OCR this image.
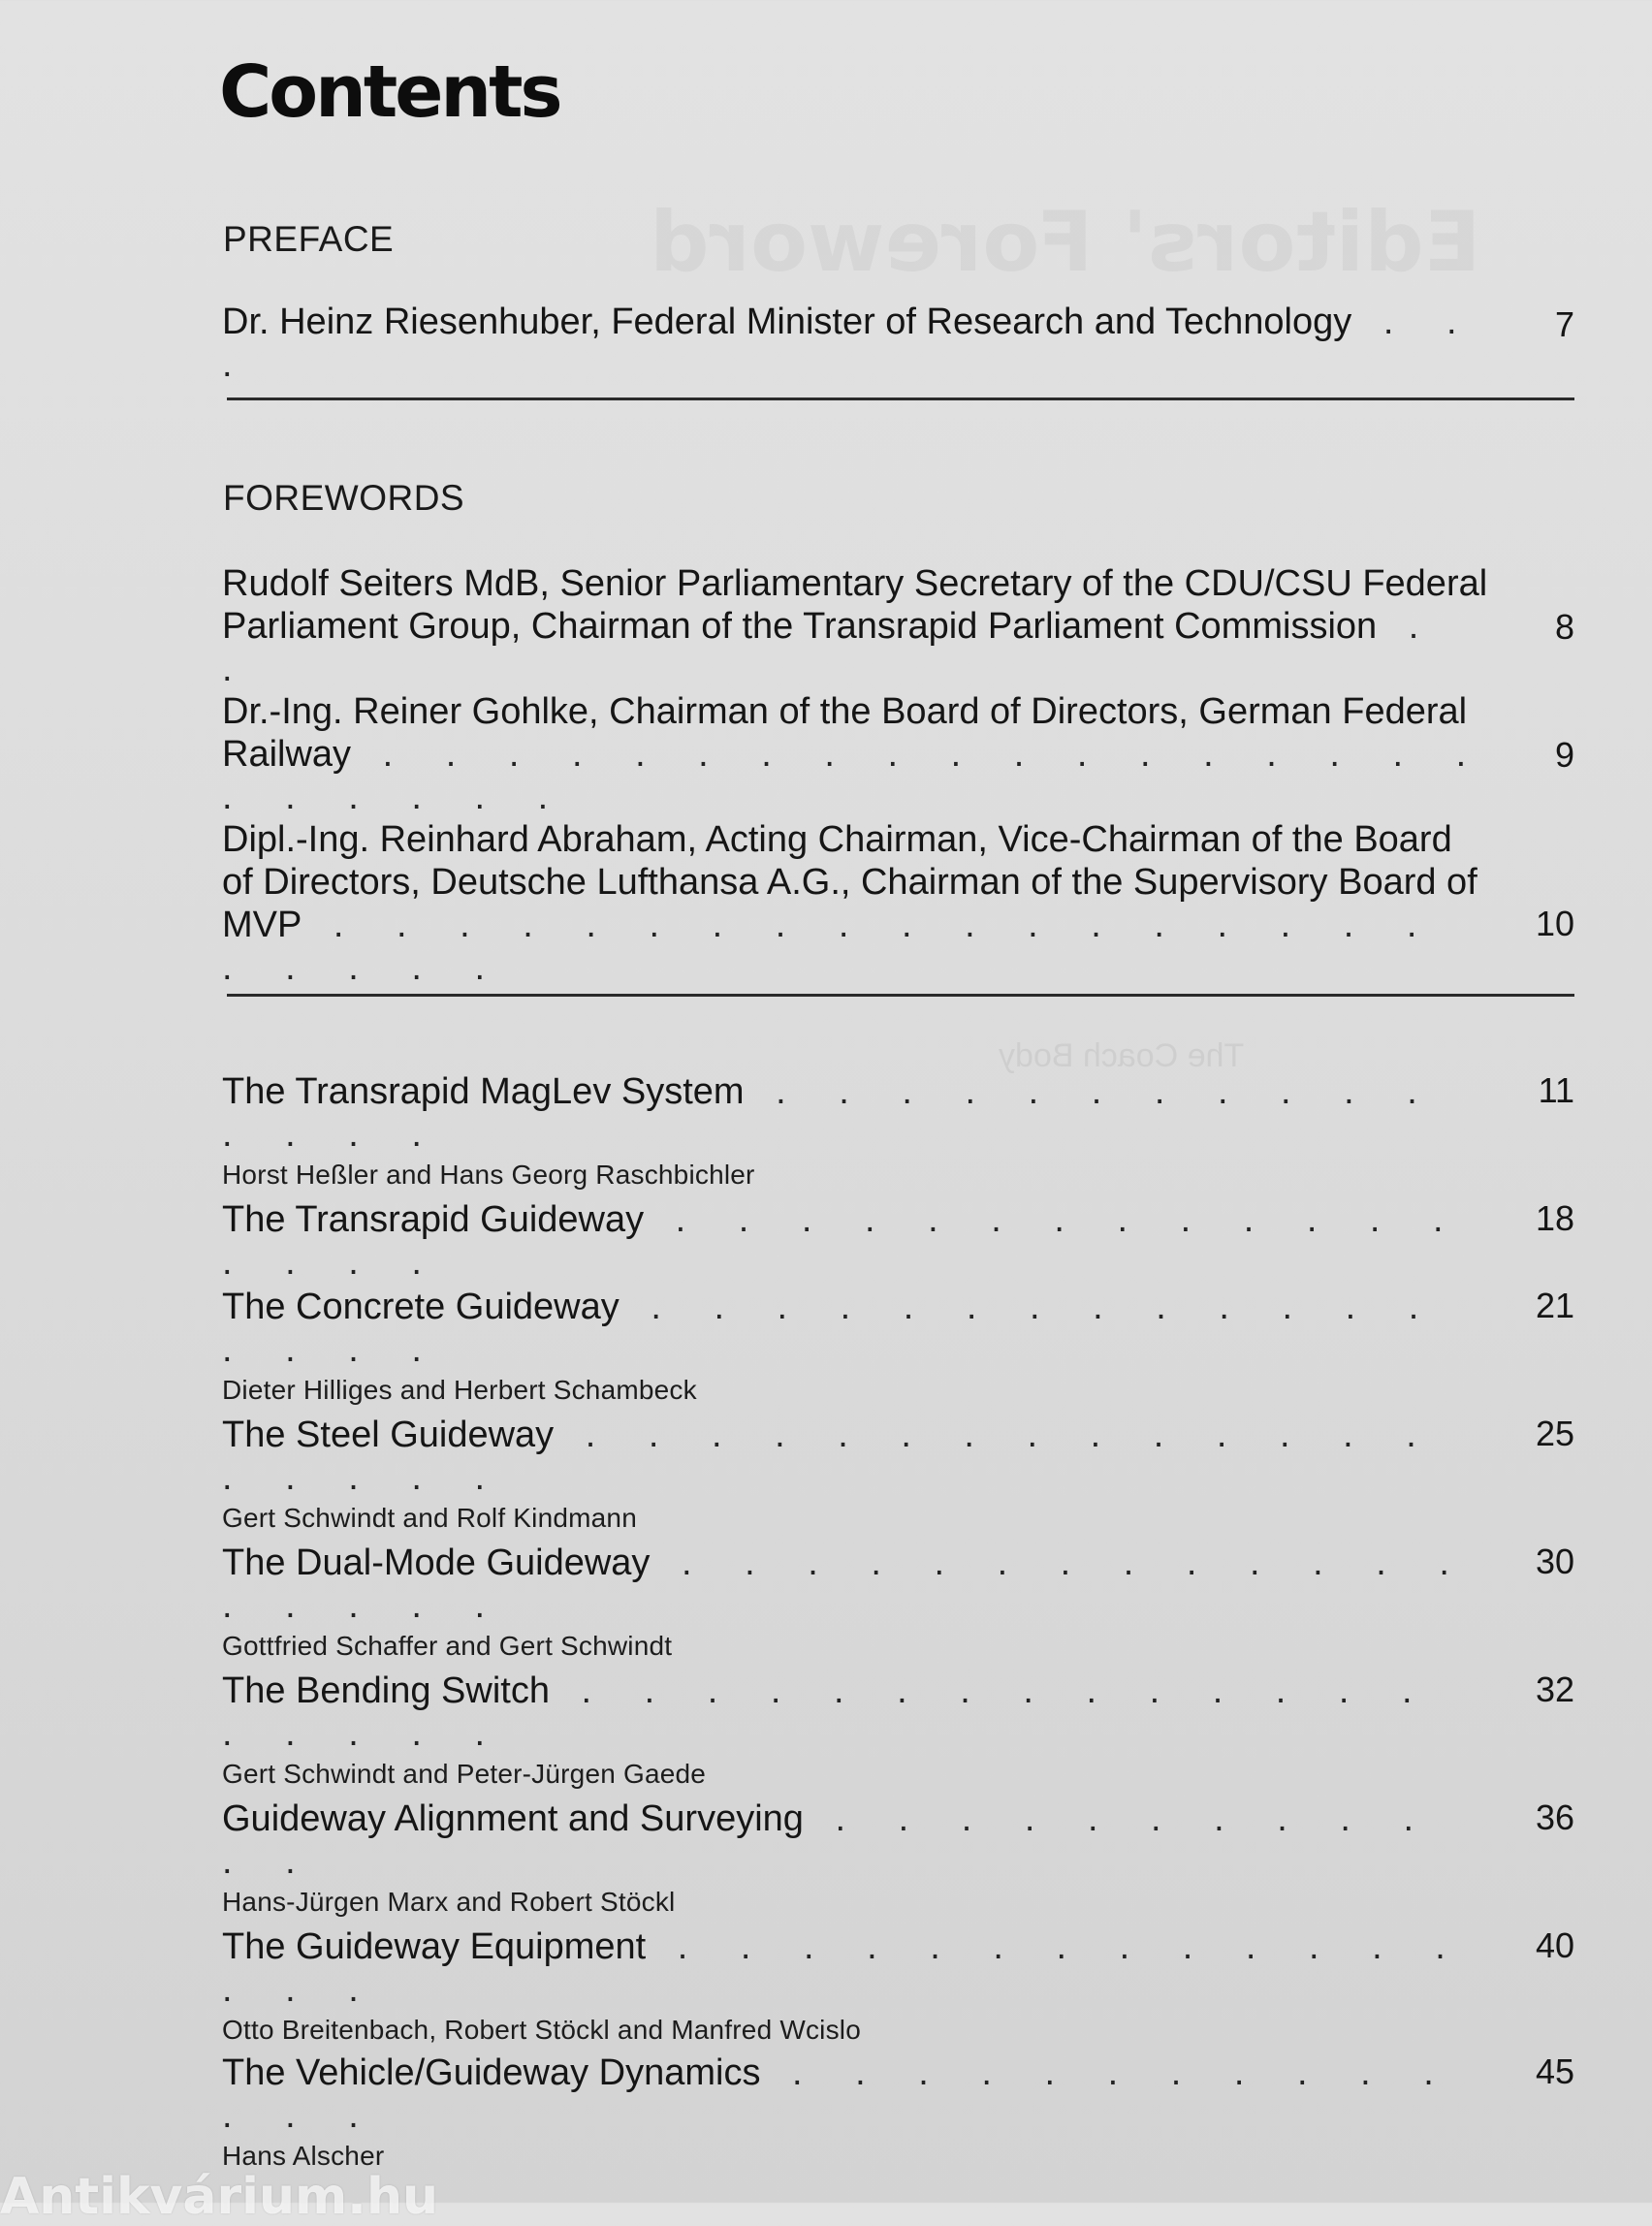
The Coach Body
Contents
PREFACE
Dr. Heinz Riesenhuber, Federal Minister of Research and Technology . . .
7
FOREWORDS
Rudolf Seiters MdB, Senior Parliamentary Secretary of the CDU/CSU Federal Parliament Group, Chairman of the Transrapid Parliament Commission . .
8
Dr.-Ing. Reiner Gohlke, Chairman of the Board of Directors, German Federal Railway . . . . . . . . . . . . . . . . . . . . . . . .
9
Dipl.-Ing. Reinhard Abraham, Acting Chairman, Vice-Chairman of the Board of Directors, Deutsche Lufthansa A.G., Chairman of the Supervisory Board of MVP . . . . . . . . . . . . . . . . . . . . . . .
10
The Transrapid MagLev System . . . . . . . . . . . . . . .
Horst Heßler and Hans Georg Raschbichler
11
The Transrapid Guideway . . . . . . . . . . . . . . . . .
18
The Concrete Guideway . . . . . . . . . . . . . . . . .
Dieter Hilliges and Herbert Schambeck
21
The Steel Guideway . . . . . . . . . . . . . . . . . . .
Gert Schwindt and Rolf Kindmann
25
The Dual-Mode Guideway . . . . . . . . . . . . . . . . . .
Gottfried Schaffer and Gert Schwindt
30
The Bending Switch . . . . . . . . . . . . . . . . . . .
Gert Schwindt and Peter-Jürgen Gaede
32
Guideway Alignment and Surveying . . . . . . . . . . . .
Hans-Jürgen Marx and Robert Stöckl
36
The Guideway Equipment . . . . . . . . . . . . . . . .
Otto Breitenbach, Robert Stöckl and Manfred Wcislo
40
The Vehicle/Guideway Dynamics . . . . . . . . . . . . . .
Hans Alscher
45
Antikvárium.hu
